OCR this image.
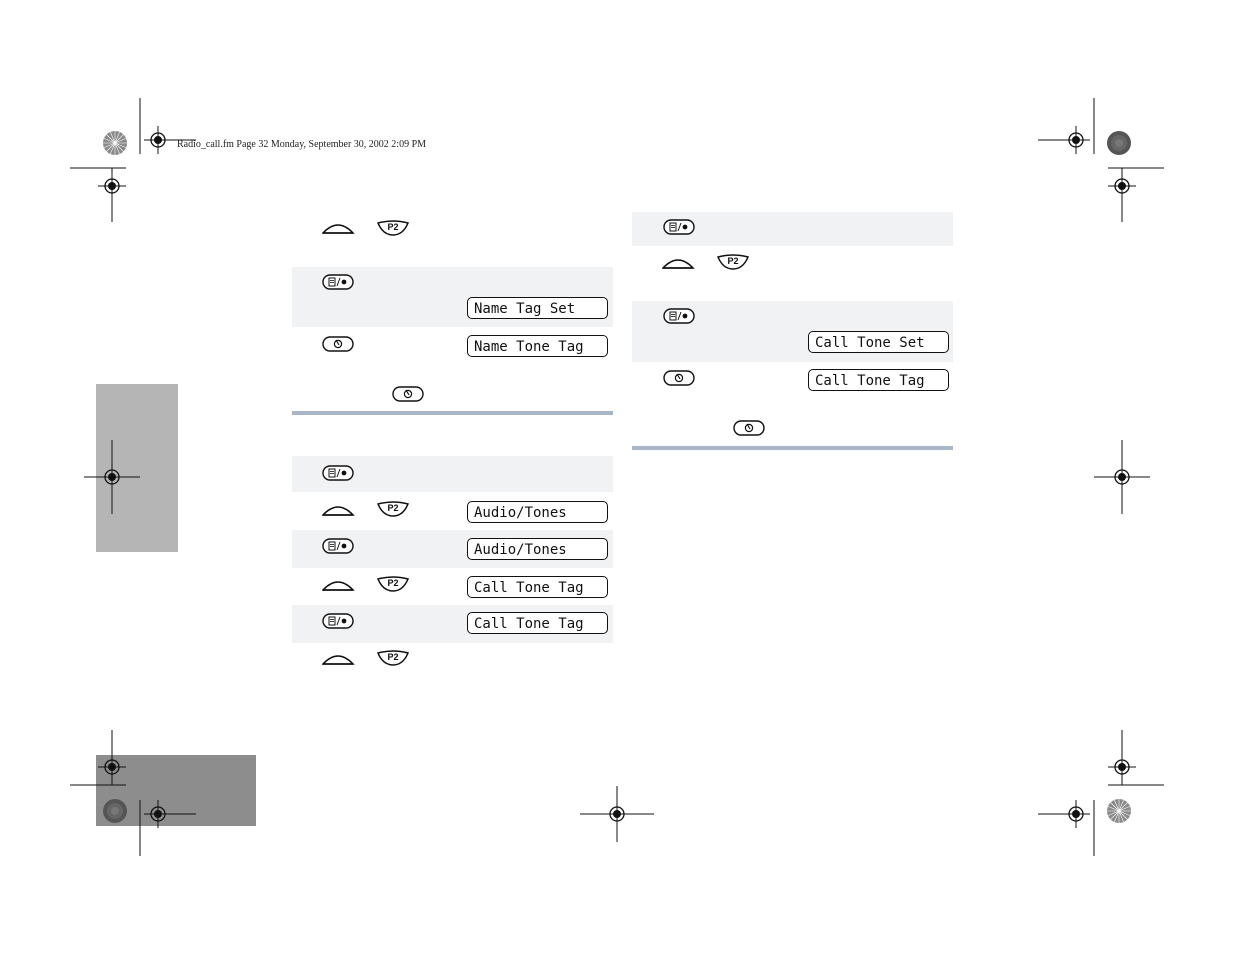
Radio_call.fm Page 32 Monday, September 30, 2002 2:09 PM
Name Tag Set
Name Tone Tag
Audio/Tones
Audio/Tones
Call Tone Tag
Call Tone Tag
Call Tone Set
Call Tone Tag
